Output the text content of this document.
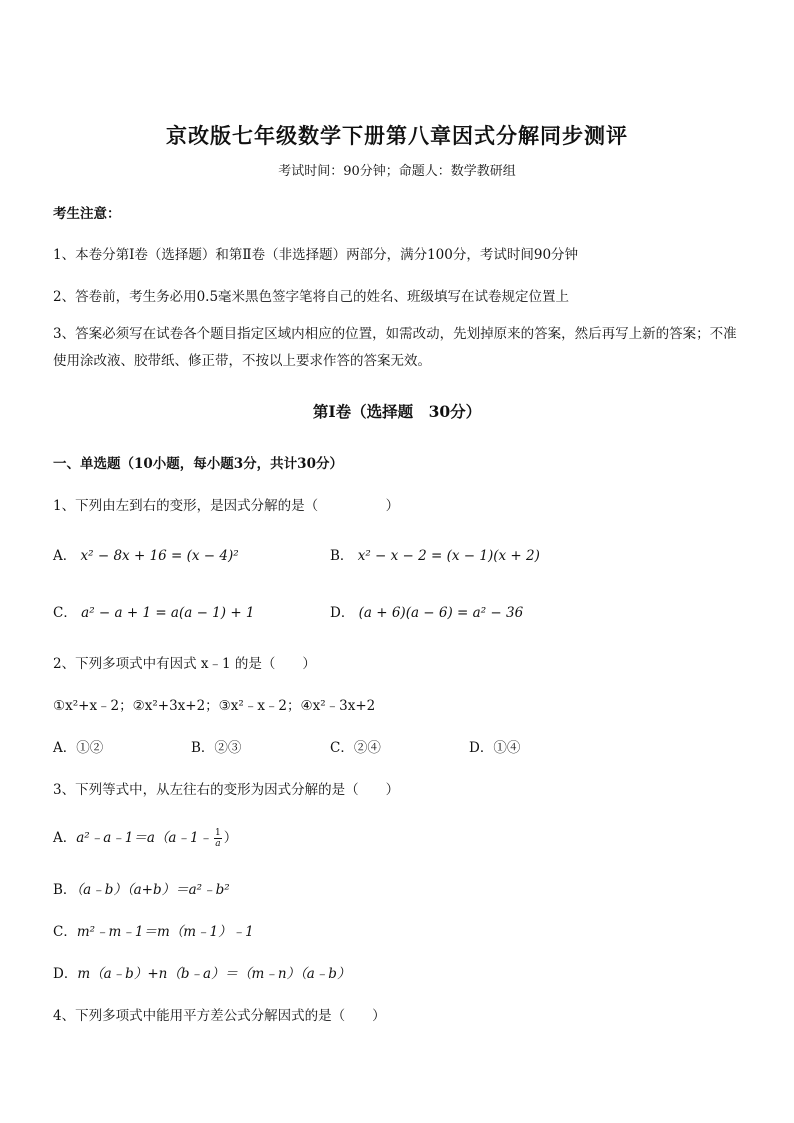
京改版七年级数学下册第八章因式分解同步测评
考试时间：90分钟；命题人：数学教研组
考生注意：
1、本卷分第Ⅰ卷（选择题）和第Ⅱ卷（非选择题）两部分，满分100分，考试时间90分钟
2、答卷前，考生务必用0.5毫米黑色签字笔将自己的姓名、班级填写在试卷规定位置上
3、答案必须写在试卷各个题目指定区域内相应的位置，如需改动，先划掉原来的答案，然后再写上新的答案；不准使用涂改液、胶带纸、修正带，不按以上要求作答的答案无效。
第Ⅰ卷（选择题　30分）
一、单选题（10小题，每小题3分，共计30分）
1、下列由左到右的变形，是因式分解的是（　　　　　）
A． x² − 8x + 16 = (x − 4)²	B． x² − x − 2 = (x − 1)(x + 2)
C． a² − a + 1 = a(a − 1) + 1	D． (a + 6)(a − 6) = a² − 36
2、下列多项式中有因式 x﹣1 的是（　　）
①x²+x﹣2；②x²+3x+2；③x²﹣x﹣2；④x²﹣3x+2
A．①②	B．②③	C．②④	D．①④
3、下列等式中，从左往右的变形为因式分解的是（　　）
A．a²﹣a﹣1＝a（a﹣1﹣ $\frac{1}{a}$ ）
B．（a﹣b）（a+b）＝a²﹣b²
C．m²﹣m﹣1＝m（m﹣1）﹣1
D．m（a﹣b）+n（b﹣a）＝（m﹣n）（a﹣b）
4、下列多项式中能用平方差公式分解因式的是（　　）
